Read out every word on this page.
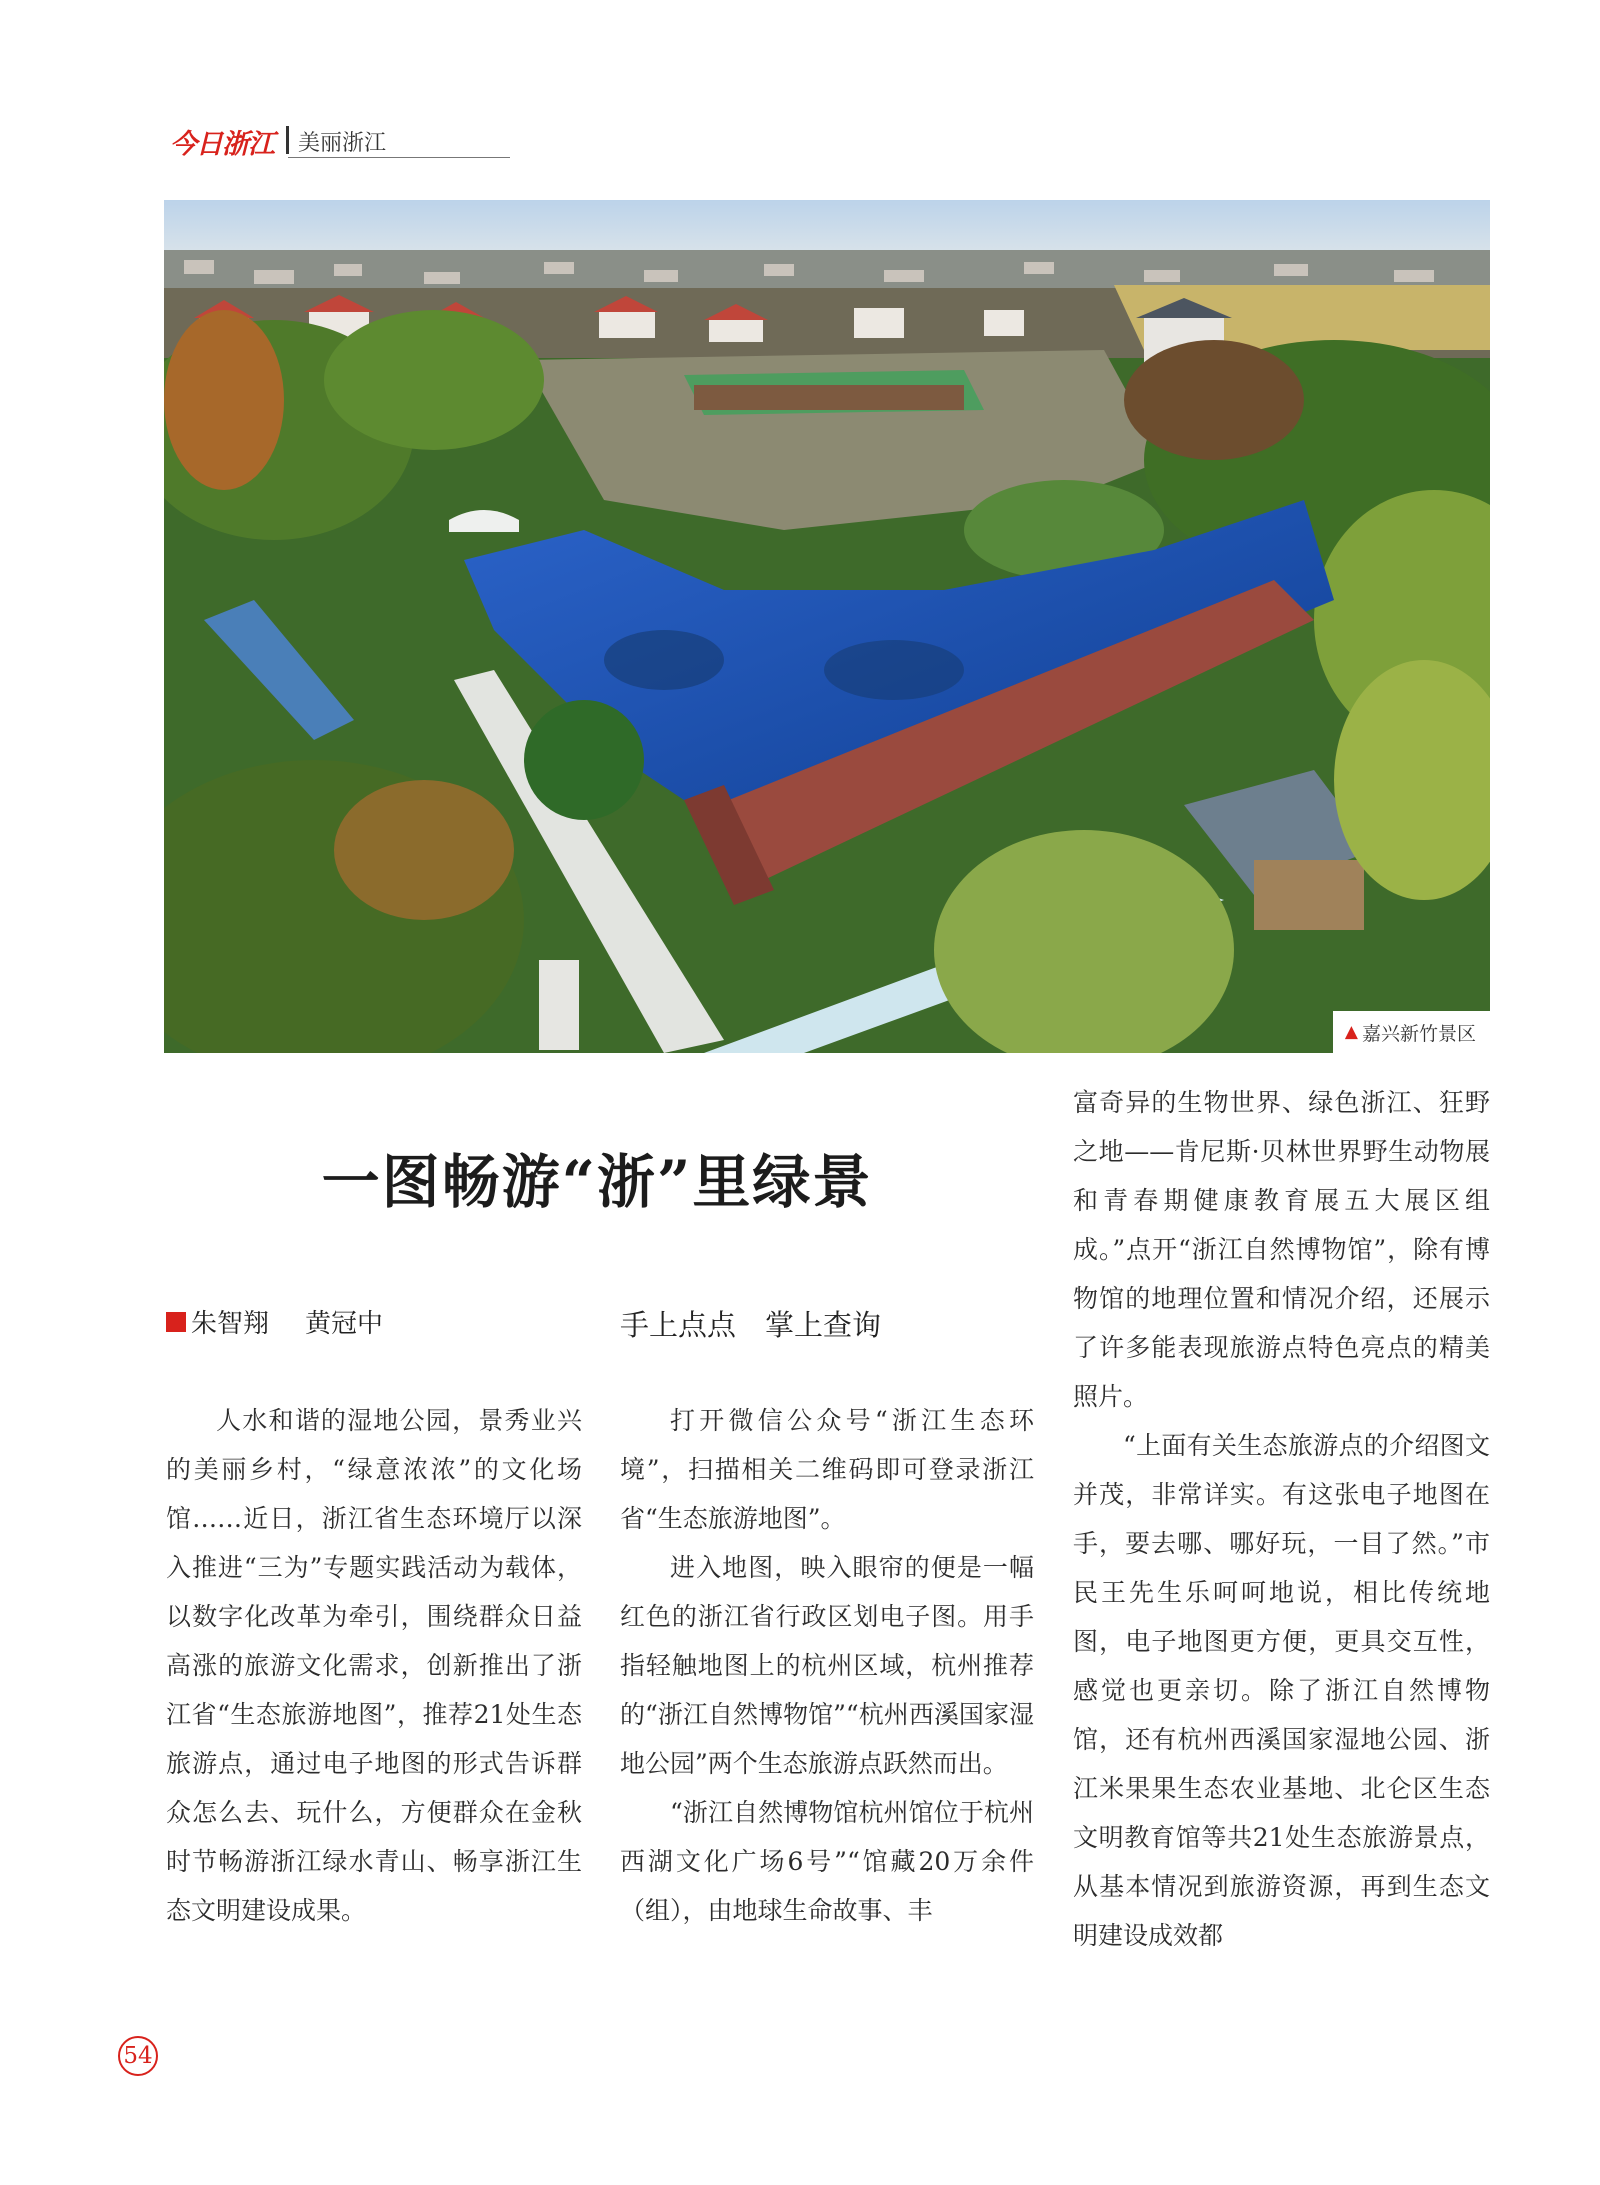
今日浙江 美丽浙江
▲ 嘉兴新竹景区
一图畅游“浙”里绿景
朱智翔 黄冠中	手上点点　掌上查询

人水和谐的湿地公园，景秀业兴的美丽乡村，“绿意浓浓”的文化场馆……近日，浙江省生态环境厅以深入推进“三为”专题实践活动为载体，以数字化改革为牵引，围绕群众日益高涨的旅游文化需求，创新推出了浙江省“生态旅游地图”，推荐21处生态旅游点，通过电子地图的形式告诉群众怎么去、玩什么，方便群众在金秋时节畅游浙江绿水青山、畅享浙江生态文明建设成果。

打开微信公众号“浙江生态环境”，扫描相关二维码即可登录浙江省“生态旅游地图”。

进入地图，映入眼帘的便是一幅红色的浙江省行政区划电子图。用手指轻触地图上的杭州区域，杭州推荐的“浙江自然博物馆”“杭州西溪国家湿地公园”两个生态旅游点跃然而出。

“浙江自然博物馆杭州馆位于杭州西湖文化广场6号”“馆藏20万余件（组），由地球生命故事、丰

富奇异的生物世界、绿色浙江、狂野之地——肯尼斯·贝林世界野生动物展和青春期健康教育展五大展区组成。”点开“浙江自然博物馆”，除有博物馆的地理位置和情况介绍，还展示了许多能表现旅游点特色亮点的精美照片。

“上面有关生态旅游点的介绍图文并茂，非常详实。有这张电子地图在手，要去哪、哪好玩，一目了然。”市民王先生乐呵呵地说，相比传统地图，电子地图更方便，更具交互性，感觉也更亲切。除了浙江自然博物馆，还有杭州西溪国家湿地公园、浙江米果果生态农业基地、北仑区生态文明教育馆等共21处生态旅游景点，从基本情况到旅游资源，再到生态文明建设成效都

54
